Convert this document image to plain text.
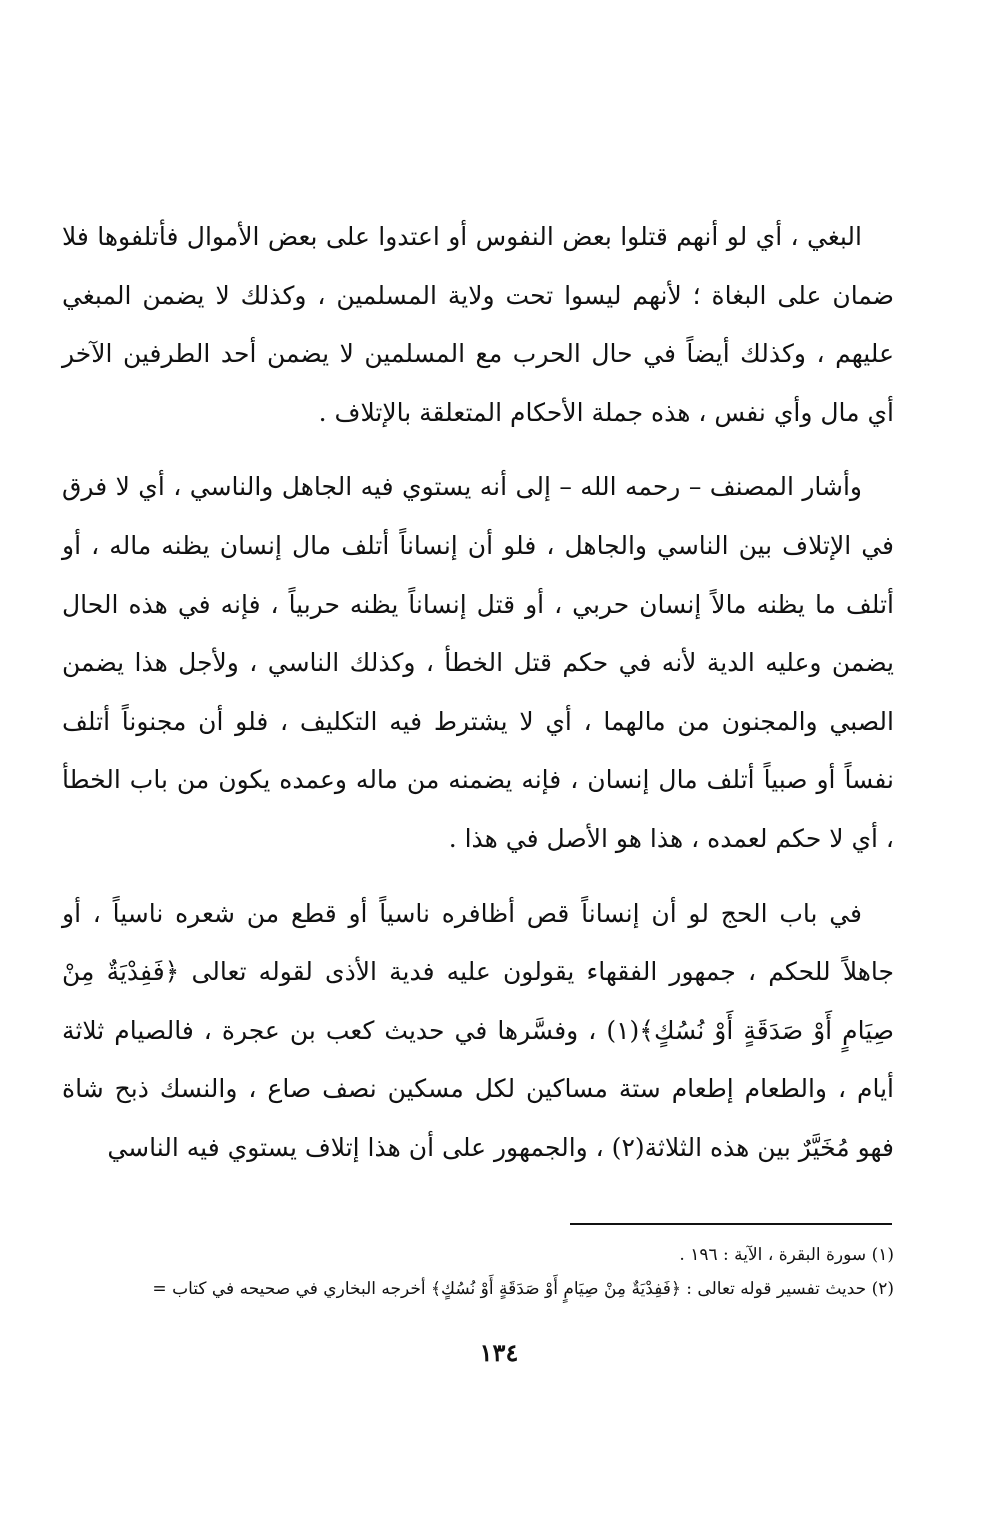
البغي ، أي لو أنهم قتلوا بعض النفوس أو اعتدوا على بعض الأموال فأتلفوها فلا ضمان على البغاة ؛ لأنهم ليسوا تحت ولاية المسلمين ، وكذلك لا يضمن المبغي عليهم ، وكذلك أيضاً في حال الحرب مع المسلمين لا يضمن أحد الطرفين الآخر أي مال وأي نفس ، هذه جملة الأحكام المتعلقة بالإتلاف .

وأشار المصنف – رحمه الله – إلى أنه يستوي فيه الجاهل والناسي ، أي لا فرق في الإتلاف بين الناسي والجاهل ، فلو أن إنساناً أتلف مال إنسان يظنه ماله ، أو أتلف ما يظنه مالاً إنسان حربي ، أو قتل إنساناً يظنه حربياً ، فإنه في هذه الحال يضمن وعليه الدية لأنه في حكم قتل الخطأ ، وكذلك الناسي ، ولأجل هذا يضمن الصبي والمجنون من مالهما ، أي لا يشترط فيه التكليف ، فلو أن مجنوناً أتلف نفساً أو صبياً أتلف مال إنسان ، فإنه يضمنه من ماله وعمده يكون من باب الخطأ ، أي لا حكم لعمده ، هذا هو الأصل في هذا .

في باب الحج لو أن إنساناً قص أظافره ناسياً أو قطع من شعره ناسياً ، أو جاهلاً للحكم ، جمهور الفقهاء يقولون عليه فدية الأذى لقوله تعالى ﴿فَفِدْيَةٌ مِنْ صِيَامٍ أَوْ صَدَقَةٍ أَوْ نُسُكٍ﴾(١) ، وفسَّرها في حديث كعب بن عجرة ، فالصيام ثلاثة أيام ، والطعام إطعام ستة مساكين لكل مسكين نصف صاع ، والنسك ذبح شاة فهو مُخَيَّرٌ بين هذه الثلاثة(٢) ، والجمهور على أن هذا إتلاف يستوي فيه الناسي

(١) سورة البقرة ، الآية : ١٩٦ .

(٢) حديث تفسير قوله تعالى : ﴿فَفِدْيَةٌ مِنْ صِيَامٍ أَوْ صَدَقَةٍ أَوْ نُسُكٍ﴾ أخرجه البخاري في صحيحه في كتاب =

١٣٤
